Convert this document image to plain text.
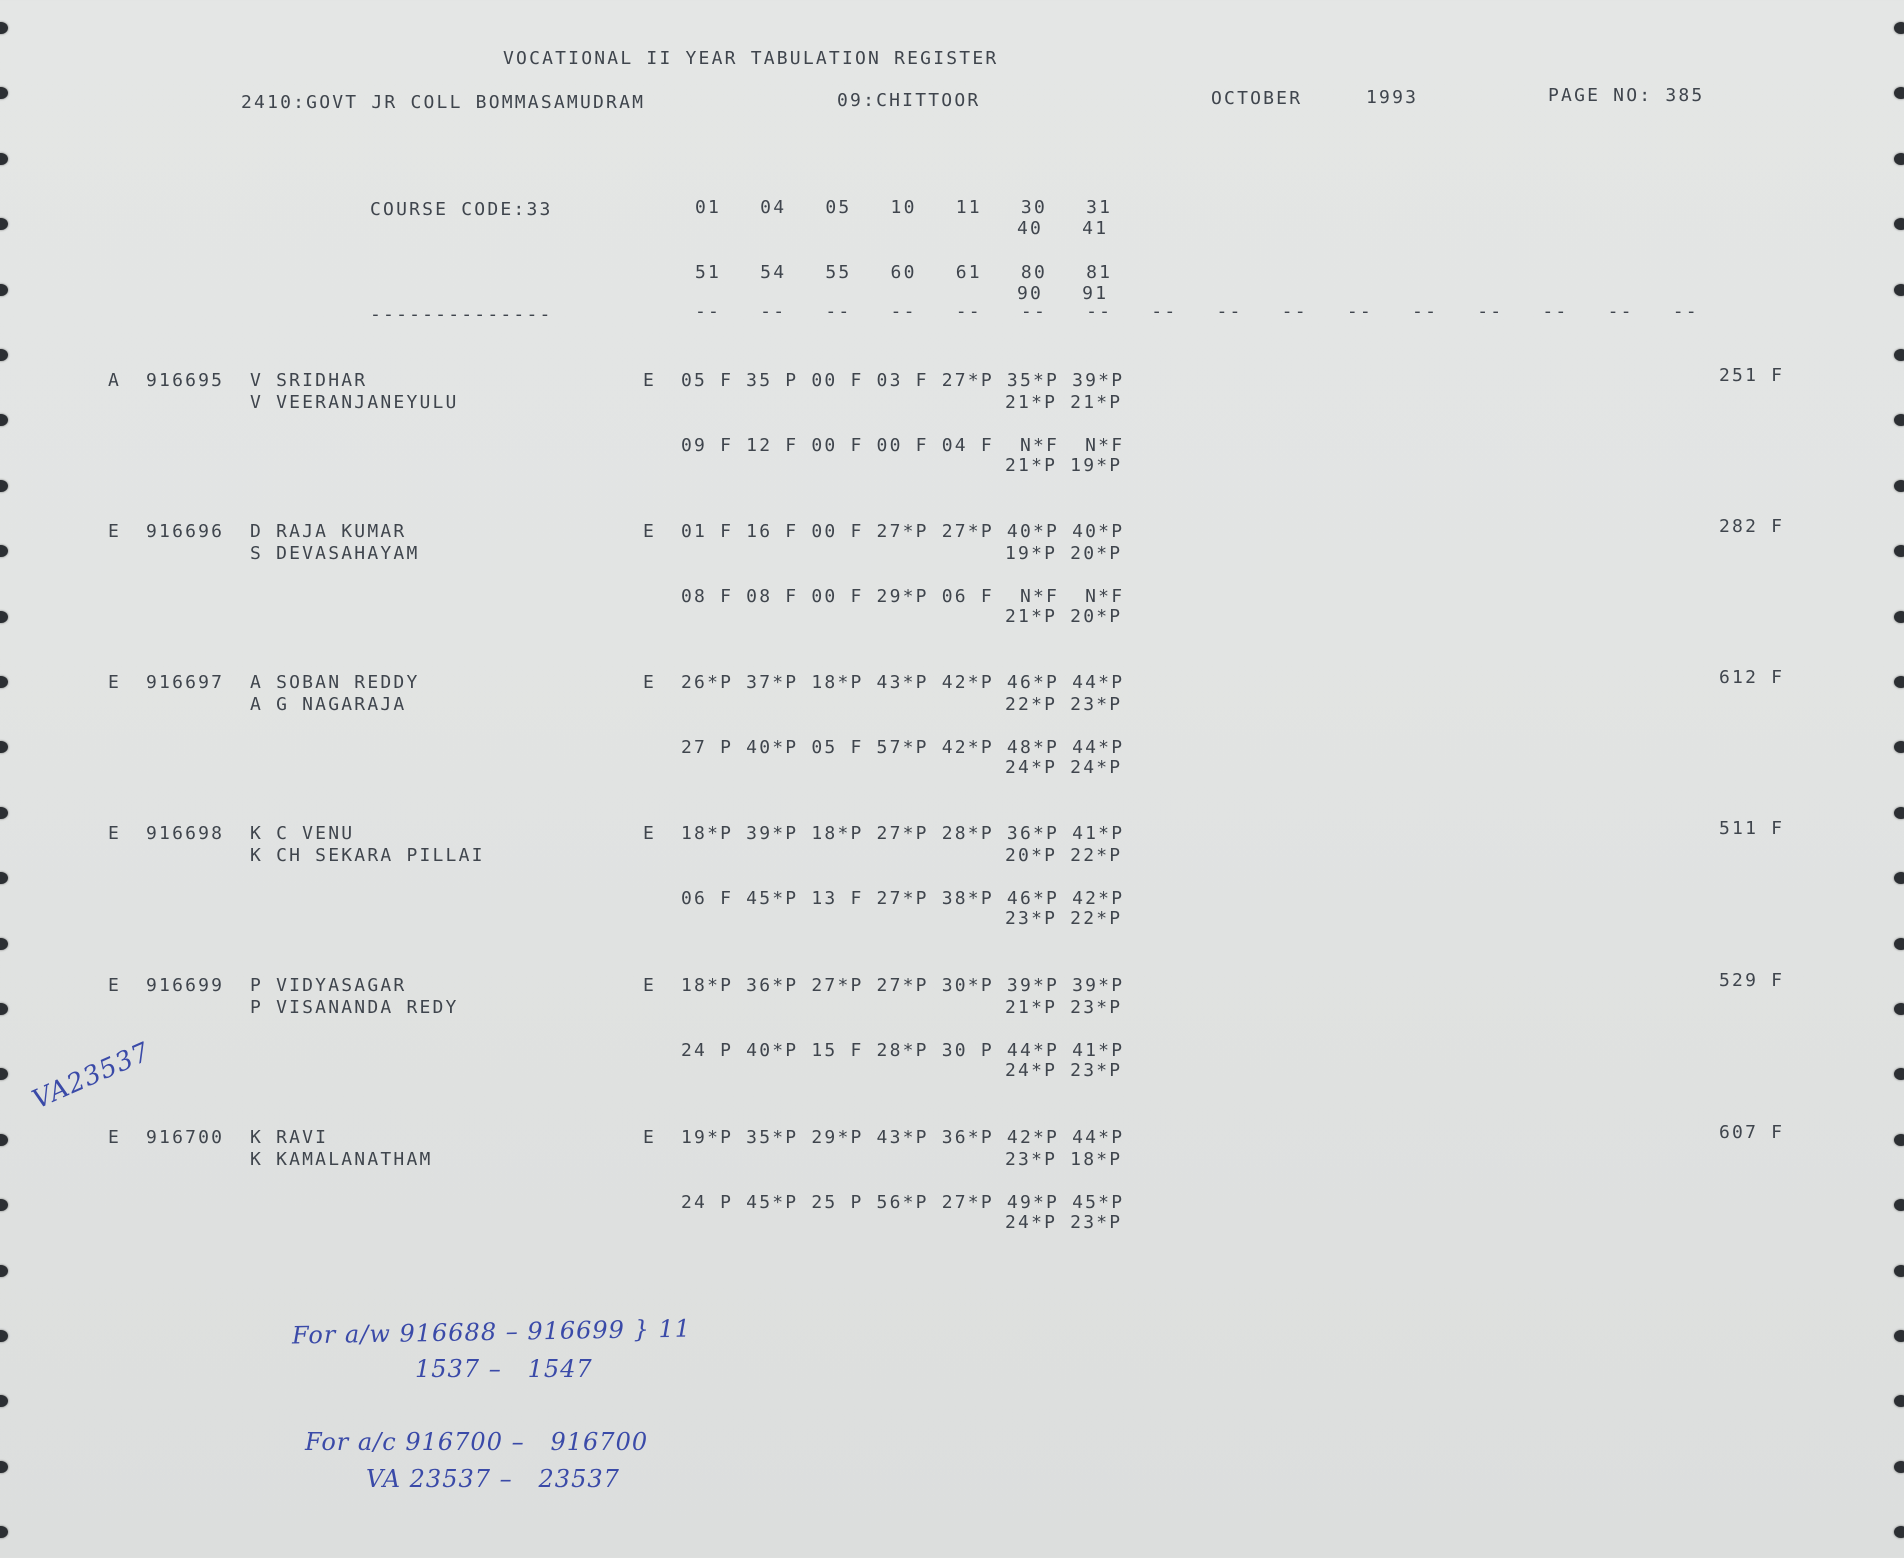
VOCATIONAL II YEAR TABULATION REGISTER
2410:GOVT JR COLL BOMMASAMUDRAM	09:CHITTOOR	OCTOBER	1993	PAGE NO: 385
COURSE CODE:33	01   04   05   10   11   30   31
40   41
51   54   55   60   61   80   81
90   91
--------------	--   --   --   --   --   --   --   --   --   --   --   --   --   --   --   --
A 916695 V SRIDHAR
V VEERANJANEYULU
E 05 F 35 P 00 F 03 F 27*P 35*P 39*P
21*P 21*P
09 F 12 F 00 F 00 F 04 F  N*F  N*F
21*P 19*P
251 F
E 916696 D RAJA KUMAR
S DEVASAHAYAM
E 01 F 16 F 00 F 27*P 27*P 40*P 40*P
19*P 20*P
08 F 08 F 00 F 29*P 06 F  N*F  N*F
21*P 20*P
282 F
E 916697 A SOBAN REDDY
A G NAGARAJA
E 26*P 37*P 18*P 43*P 42*P 46*P 44*P
22*P 23*P
27 P 40*P 05 F 57*P 42*P 48*P 44*P
24*P 24*P
612 F
E 916698 K C VENU
K CH SEKARA PILLAI
E 18*P 39*P 18*P 27*P 28*P 36*P 41*P
20*P 22*P
06 F 45*P 13 F 27*P 38*P 46*P 42*P
23*P 22*P
511 F
E 916699 P VIDYASAGAR
P VISANANDA REDY
E 18*P 36*P 27*P 27*P 30*P 39*P 39*P
21*P 23*P
24 P 40*P 15 F 28*P 30 P 44*P 41*P
24*P 23*P
529 F
E 916700 K RAVI
K KAMALANATHAM
E 19*P 35*P 29*P 43*P 36*P 42*P 44*P
23*P 18*P
24 P 45*P 25 P 56*P 27*P 49*P 45*P
24*P 23*P
607 F
VA23537
For a/w 916688 – 916699 } 11
1537 –   1547
For a/c 916700 –   916700
VA 23537 –   23537
